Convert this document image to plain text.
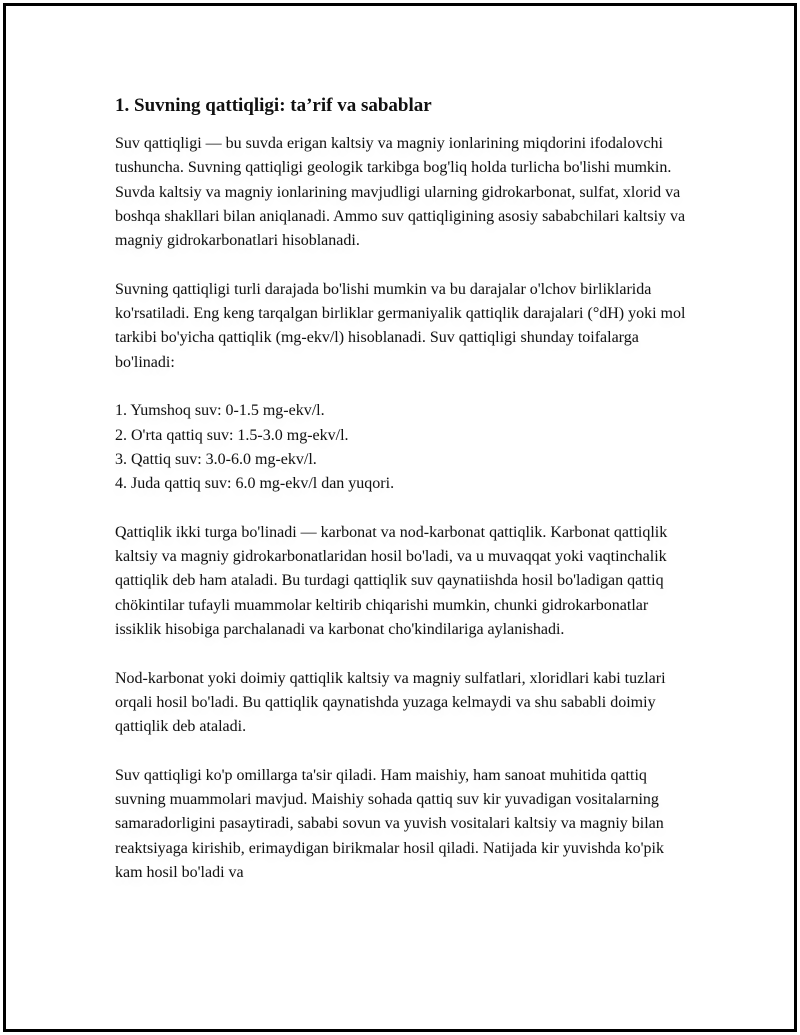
1. Suvning qattiqligi: ta’rif va sabablar

Suv qattiqligi — bu suvda erigan kaltsiy va magniy ionlarining miqdorini ifodalovchi tushuncha. Suvning qattiqligi geologik tarkibga bog'liq holda turlicha bo'lishi mumkin. Suvda kaltsiy va magniy ionlarining mavjudligi ularning gidrokarbonat, sulfat, xlorid va boshqa shakllari bilan aniqlanadi. Ammo suv qattiqligining asosiy sababchilari kaltsiy va magniy gidrokarbonatlari hisoblanadi.

Suvning qattiqligi turli darajada bo'lishi mumkin va bu darajalar o'lchov birliklarida ko'rsatiladi. Eng keng tarqalgan birliklar germaniyalik qattiqlik darajalari (°dH) yoki mol tarkibi bo'yicha qattiqlik (mg-ekv/l) hisoblanadi. Suv qattiqligi shunday toifalarga bo'linadi:

1. Yumshoq suv: 0-1.5 mg-ekv/l.
2. O'rta qattiq suv: 1.5-3.0 mg-ekv/l.
3. Qattiq suv: 3.0-6.0 mg-ekv/l.
4. Juda qattiq suv: 6.0 mg-ekv/l dan yuqori.

Qattiqlik ikki turga bo'linadi — karbonat va nod-karbonat qattiqlik. Karbonat qattiqlik kaltsiy va magniy gidrokarbonatlaridan hosil bo'ladi, va u muvaqqat yoki vaqtinchalik qattiqlik deb ham ataladi. Bu turdagi qattiqlik suv qaynatiishda hosil bo'ladigan qattiq chökintilar tufayli muammolar keltirib chiqarishi mumkin, chunki gidrokarbonatlar issiklik hisobiga parchalanadi va karbonat cho'kindilariga aylanishadi.

Nod-karbonat yoki doimiy qattiqlik kaltsiy va magniy sulfatlari, xloridlari kabi tuzlari orqali hosil bo'ladi. Bu qattiqlik qaynatishda yuzaga kelmaydi va shu sababli doimiy qattiqlik deb ataladi.

Suv qattiqligi ko'p omillarga ta'sir qiladi. Ham maishiy, ham sanoat muhitida qattiq suvning muammolari mavjud. Maishiy sohada qattiq suv kir yuvadigan vositalarning samaradorligini pasaytiradi, sababi sovun va yuvish vositalari kaltsiy va magniy bilan reaktsiyaga kirishib, erimaydigan birikmalar hosil qiladi. Natijada kir yuvishda ko'pik kam hosil bo'ladi va
